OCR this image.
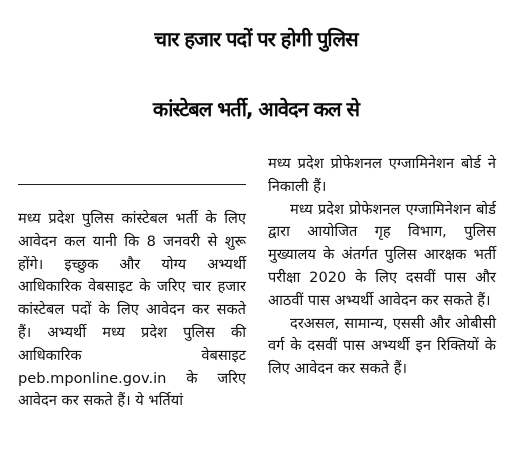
चार हजार पदों पर होगी पुलिस
कांस्टेबल भर्ती, आवेदन कल से

मध्य प्रदेश पुलिस कांस्टेबल भर्ती के लिए आवेदन कल यानी कि 8 जनवरी से शुरू होंगे। इच्छुक और योग्य अभ्यर्थी आधिकारिक वेबसाइट के जरिए चार हजार कांस्टेबल पदों के लिए आवेदन कर सकते हैं। अभ्यर्थी मध्य प्रदेश पुलिस की आधिकारिक वेबसाइट peb.mponline.gov.in के जरिए आवेदन कर सकते हैं। ये भर्तियां

मध्य प्रदेश प्रोफेशनल एग्जामिनेशन बोर्ड ने निकाली हैं।

मध्य प्रदेश प्रोफेशनल एग्जामिनेशन बोर्ड द्वारा आयोजित गृह विभाग, पुलिस मुख्यालय के अंतर्गत पुलिस आरक्षक भर्ती परीक्षा 2020 के लिए दसवीं पास और आठवीं पास अभ्यर्थी आवेदन कर सकते हैं।

दरअसल, सामान्य, एससी और ओबीसी वर्ग के दसवीं पास अभ्यर्थी इन रिक्तियों के लिए आवेदन कर सकते हैं।
